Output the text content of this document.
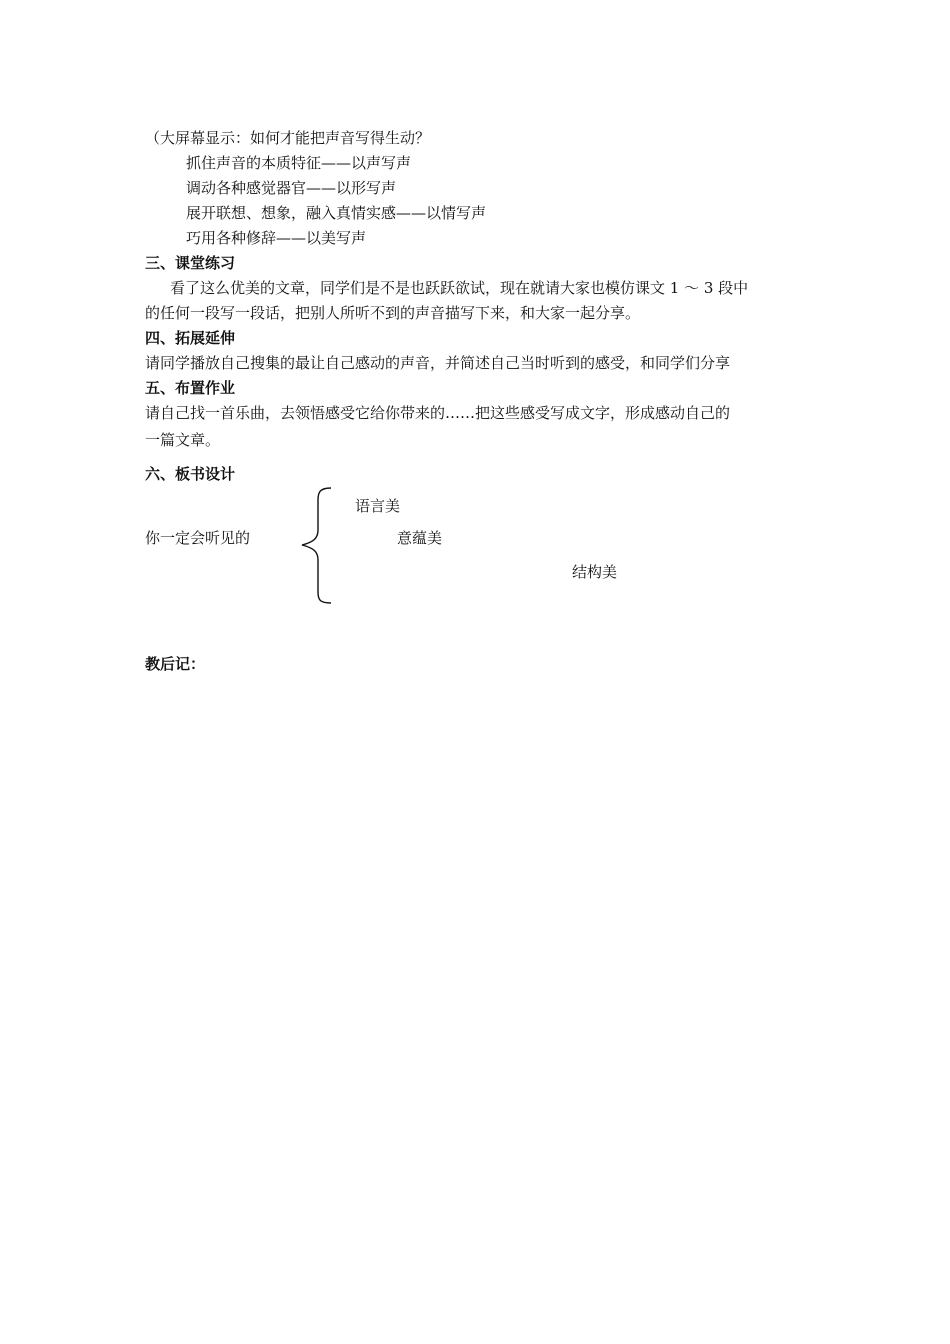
（大屏幕显示：如何才能把声音写得生动？
抓住声音的本质特征——以声写声
调动各种感觉器官——以形写声
展开联想、想象，融入真情实感——以情写声
巧用各种修辞——以美写声
三、课堂练习
看了这么优美的文章，同学们是不是也跃跃欲试，现在就请大家也模仿课文 1 ～ 3 段中
的任何一段写一段话，把别人所听不到的声音描写下来，和大家一起分享。
四、拓展延伸
请同学播放自己搜集的最让自己感动的声音，并简述自己当时听到的感受，和同学们分享
五、布置作业
请自己找一首乐曲，去领悟感受它给你带来的……把这些感受写成文字，形成感动自己的
一篇文章。
六、板书设计
你一定会听见的
语言美
意蕴美
结构美
教后记：
